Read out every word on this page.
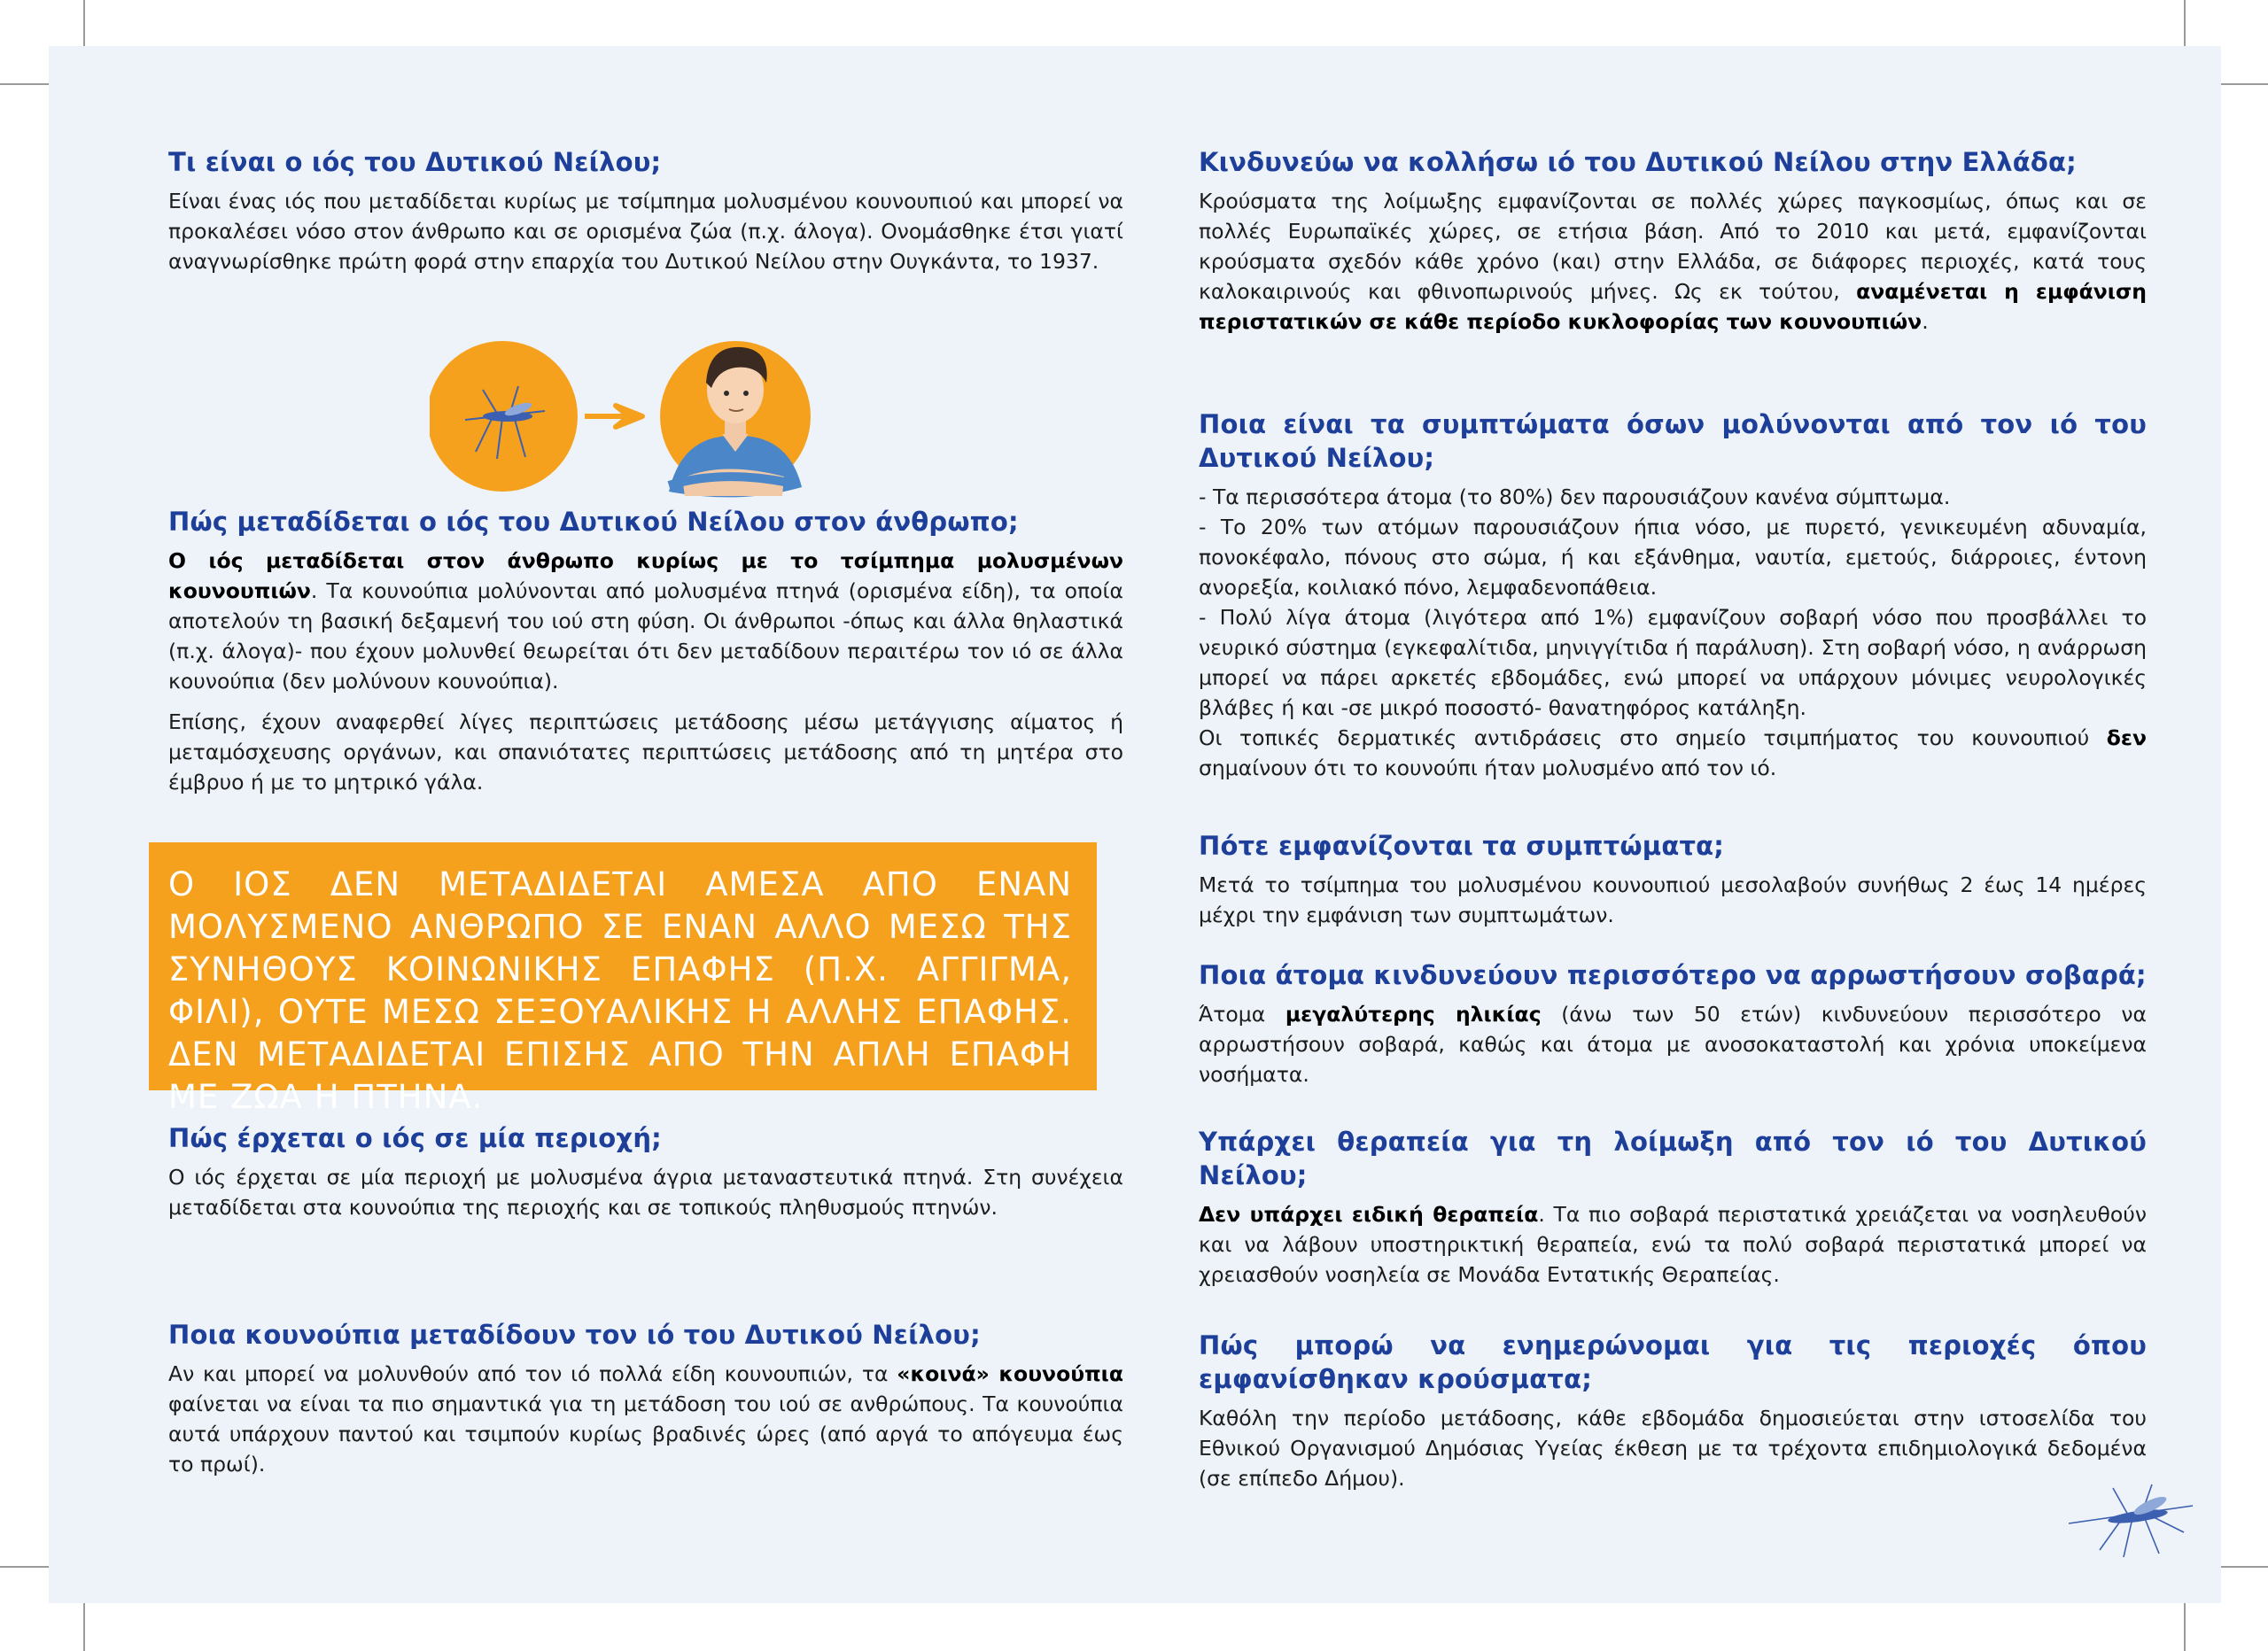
Τι είναι ο ιός του Δυτικού Νείλου;

Είναι ένας ιός που μεταδίδεται κυρίως με τσίμπημα μολυσμένου κουνουπιού και μπορεί να προκαλέσει νόσο στον άνθρωπο και σε ορισμένα ζώα (π.χ. άλογα). Ονομάσθηκε έτσι γιατί αναγνωρίσθηκε πρώτη φορά στην επαρχία του Δυτικού Νείλου στην Ουγκάντα, το 1937.

Πώς μεταδίδεται ο ιός του Δυτικού Νείλου στον άνθρωπο;

Ο ιός μεταδίδεται στον άνθρωπο κυρίως με το τσίμπημα μολυσμένων κουνουπιών. Τα κουνούπια μολύνονται από μολυσμένα πτηνά (ορισμένα είδη), τα οποία αποτελούν τη βασική δεξαμενή του ιού στη φύση. Οι άνθρωποι -όπως και άλλα θηλαστικά (π.χ. άλογα)- που έχουν μολυνθεί θεωρείται ότι δεν μεταδίδουν περαιτέρω τον ιό σε άλλα κουνούπια (δεν μολύνουν κουνούπια).

Επίσης, έχουν αναφερθεί λίγες περιπτώσεις μετάδοσης μέσω μετάγγισης αίματος ή μεταμόσχευσης οργάνων, και σπανιότατες περιπτώσεις μετάδοσης από τη μητέρα στο έμβρυο ή με το μητρικό γάλα.

Πώς έρχεται ο ιός σε μία περιοχή;

Ο ιός έρχεται σε μία περιοχή με μολυσμένα άγρια μεταναστευτικά πτηνά. Στη συνέχεια μεταδίδεται στα κουνούπια της περιοχής και σε τοπικούς πληθυσμούς πτηνών.

Ποια κουνούπια μεταδίδουν τον ιό του Δυτικού Νείλου;

Αν και μπορεί να μολυνθούν από τον ιό πολλά είδη κουνουπιών, τα «κοινά» κουνούπια φαίνεται να είναι τα πιο σημαντικά για τη μετάδοση του ιού σε ανθρώπους. Τα κουνούπια αυτά υπάρχουν παντού και τσιμπούν κυρίως βραδινές ώρες (από αργά το απόγευμα έως το πρωί).

Ο ΙΟΣ ΔΕΝ ΜΕΤΑΔΙΔΕΤΑΙ ΑΜΕΣΑ ΑΠΟ ΕΝΑΝ ΜΟΛΥΣΜΕΝΟ ΑΝΘΡΩΠΟ ΣΕ ΕΝΑΝ ΑΛΛΟ ΜΕΣΩ ΤΗΣ ΣΥΝΗΘΟΥΣ ΚΟΙΝΩΝΙΚΗΣ ΕΠΑΦΗΣ (Π.Χ. ΑΓΓΙΓΜΑ, ΦΙΛΙ), ΟΥΤΕ ΜΕΣΩ ΣΕΞΟΥΑΛΙΚΗΣ Η ΑΛΛΗΣ ΕΠΑΦΗΣ. ΔΕΝ ΜΕΤΑΔΙΔΕΤΑΙ ΕΠΙΣΗΣ ΑΠΟ ΤΗΝ ΑΠΛΗ ΕΠΑΦΗ ΜΕ ΖΩΑ Η ΠΤΗΝΑ.
Κινδυνεύω να κολλήσω ιό του Δυτικού Νείλου στην Ελλάδα;

Κρούσματα της λοίμωξης εμφανίζονται σε πολλές χώρες παγκοσμίως, όπως και σε πολλές Ευρωπαϊκές χώρες, σε ετήσια βάση. Από το 2010 και μετά, εμφανίζονται κρούσματα σχεδόν κάθε χρόνο (και) στην Ελλάδα, σε διάφορες περιοχές, κατά τους καλοκαιρινούς και φθινοπωρινούς μήνες. Ως εκ τούτου, αναμένεται η εμφάνιση περιστατικών σε κάθε περίοδο κυκλοφορίας των κουνουπιών.

Ποια είναι τα συμπτώματα όσων μολύνονται από τον ιό του Δυτικού Νείλου;

- Τα περισσότερα άτομα (το 80%) δεν παρουσιάζουν κανένα σύμπτωμα.

- Το 20% των ατόμων παρουσιάζουν ήπια νόσο, με πυρετό, γενικευμένη αδυναμία, πονοκέφαλο, πόνους στο σώμα, ή και εξάνθημα, ναυτία, εμετούς, διάρροιες, έντονη ανορεξία, κοιλιακό πόνο, λεμφαδενοπάθεια.

- Πολύ λίγα άτομα (λιγότερα από 1%) εμφανίζουν σοβαρή νόσο που προσβάλλει το νευρικό σύστημα (εγκεφαλίτιδα, μηνιγγίτιδα ή παράλυση). Στη σοβαρή νόσο, η ανάρρωση μπορεί να πάρει αρκετές εβδομάδες, ενώ μπορεί να υπάρχουν μόνιμες νευρολογικές βλάβες ή και -σε μικρό ποσοστό- θανατηφόρος κατάληξη.

Οι τοπικές δερματικές αντιδράσεις στο σημείο τσιμπήματος του κουνουπιού δεν σημαίνουν ότι το κουνούπι ήταν μολυσμένο από τον ιό.

Πότε εμφανίζονται τα συμπτώματα;

Μετά το τσίμπημα του μολυσμένου κουνουπιού μεσολαβούν συνήθως 2 έως 14 ημέρες μέχρι την εμφάνιση των συμπτωμάτων.

Ποια άτομα κινδυνεύουν περισσότερο να αρρωστήσουν σοβαρά;

Άτομα μεγαλύτερης ηλικίας (άνω των 50 ετών) κινδυνεύουν περισσότερο να αρρωστήσουν σοβαρά, καθώς και άτομα με ανοσοκαταστολή και χρόνια υποκείμενα νοσήματα.

Υπάρχει θεραπεία για τη λοίμωξη από τον ιό του Δυτικού Νείλου;

Δεν υπάρχει ειδική θεραπεία. Τα πιο σοβαρά περιστατικά χρειάζεται να νοσηλευθούν και να λάβουν υποστηρικτική θεραπεία, ενώ τα πολύ σοβαρά περιστατικά μπορεί να χρειασθούν νοσηλεία σε Μονάδα Εντατικής Θεραπείας.

Πώς μπορώ να ενημερώνομαι για τις περιοχές όπου εμφανίσθηκαν κρούσματα;

Καθόλη την περίοδο μετάδοσης, κάθε εβδομάδα δημοσιεύεται στην ιστοσελίδα του Εθνικού Οργανισμού Δημόσιας Υγείας έκθεση με τα τρέχοντα επιδημιολογικά δεδομένα (σε επίπεδο Δήμου).
